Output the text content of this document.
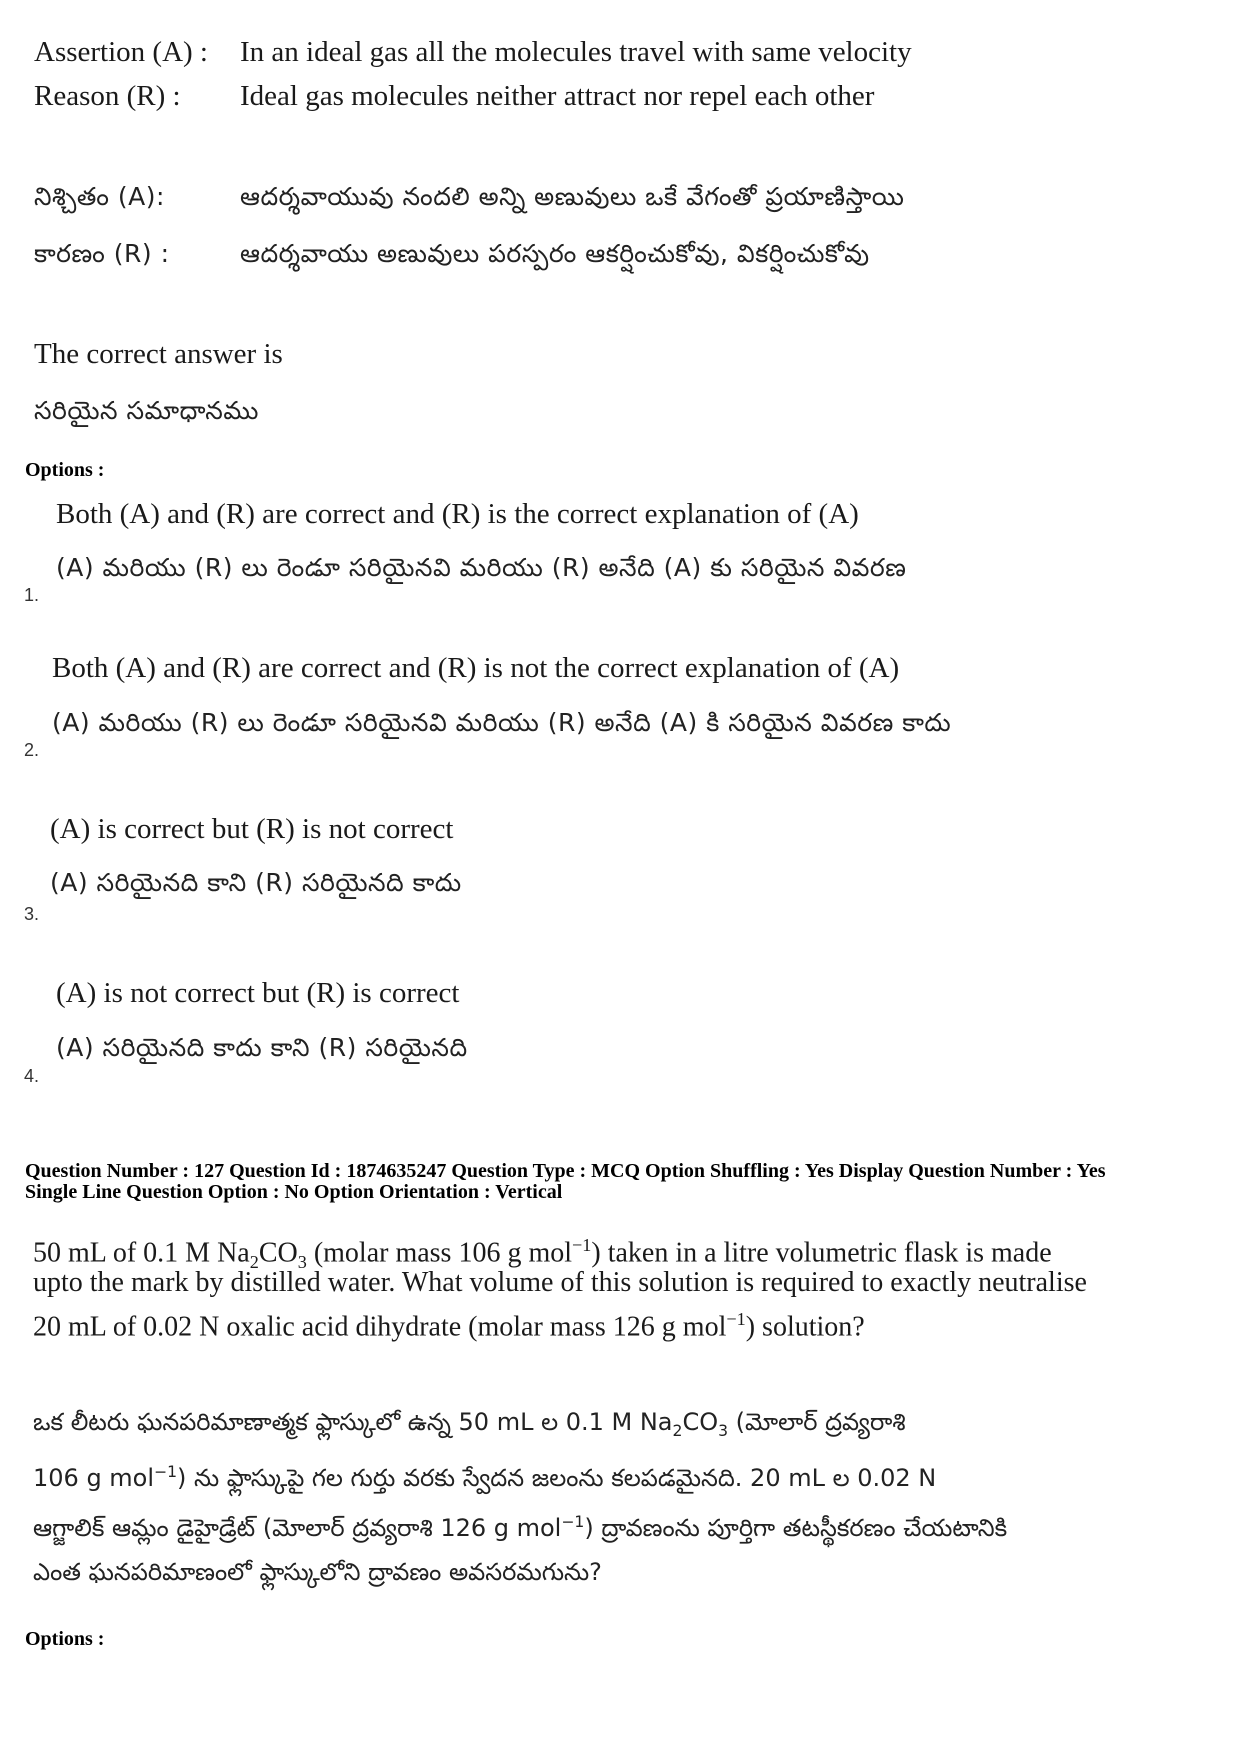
Assertion (A) : In an ideal gas all the molecules travel with same velocity
Reason (R) : Ideal gas molecules neither attract nor repel each other
నిశ్చితం (A):	ఆదర్శవాయువు నందలి అన్ని అణువులు ఒకే వేగంతో ప్రయాణిస్తాయి
కారణం (R) :	ఆదర్శవాయు అణువులు పరస్పరం ఆకర్షించుకోవు, వికర్షించుకోవు
The correct answer is
సరియైన సమాధానము
Options :
Both (A) and (R) are correct and (R) is the correct explanation of (A)
(A) మరియు (R) లు రెండూ సరియైనవి మరియు (R) అనేది (A) కు సరియైన వివరణ
1.
Both (A) and (R) are correct and (R) is not the correct explanation of (A)
(A) మరియు (R) లు రెండూ సరియైనవి మరియు (R) అనేది (A) కి సరియైన వివరణ కాదు
2.
(A) is correct but (R) is not correct
(A) సరియైనది కాని (R) సరియైనది కాదు
3.
(A) is not correct but (R) is correct
(A) సరియైనది కాదు కాని (R) సరియైనది
4.
Question Number : 127 Question Id : 1874635247 Question Type : MCQ Option Shuffling : Yes Display Question Number : Yes
Single Line Question Option : No Option Orientation : Vertical
50 mL of 0.1 M $Na_2CO_3$ (molar mass 106 g mol$^{-1}$) taken in a litre volumetric flask is made
upto the mark by distilled water. What volume of this solution is required to exactly neutralise
20 mL of 0.02 N oxalic acid dihydrate (molar mass 126 g mol$^{-1}$) solution?
ఒక లీటరు ఘనపరిమాణాత్మక ఫ్లాస్కులో ఉన్న 50 mL ల 0.1 M $Na_2CO_3$ (మోలార్ ద్రవ్యరాశి
106 g mol$^{-1}$) ను ఫ్లాస్కుపై గల గుర్తు వరకు స్వేదన జలంను కలపడమైనది. 20 mL ల 0.02 N
ఆగ్జాలిక్ ఆమ్లం డైహైడ్రేట్ (మోలార్ ద్రవ్యరాశి 126 g mol$^{-1}$) ద్రావణంను పూర్తిగా తటస్థీకరణం చేయటానికి
ఎంత ఘనపరిమాణంలో ఫ్లాస్కులోని ద్రావణం అవసరమగును?
Options :
